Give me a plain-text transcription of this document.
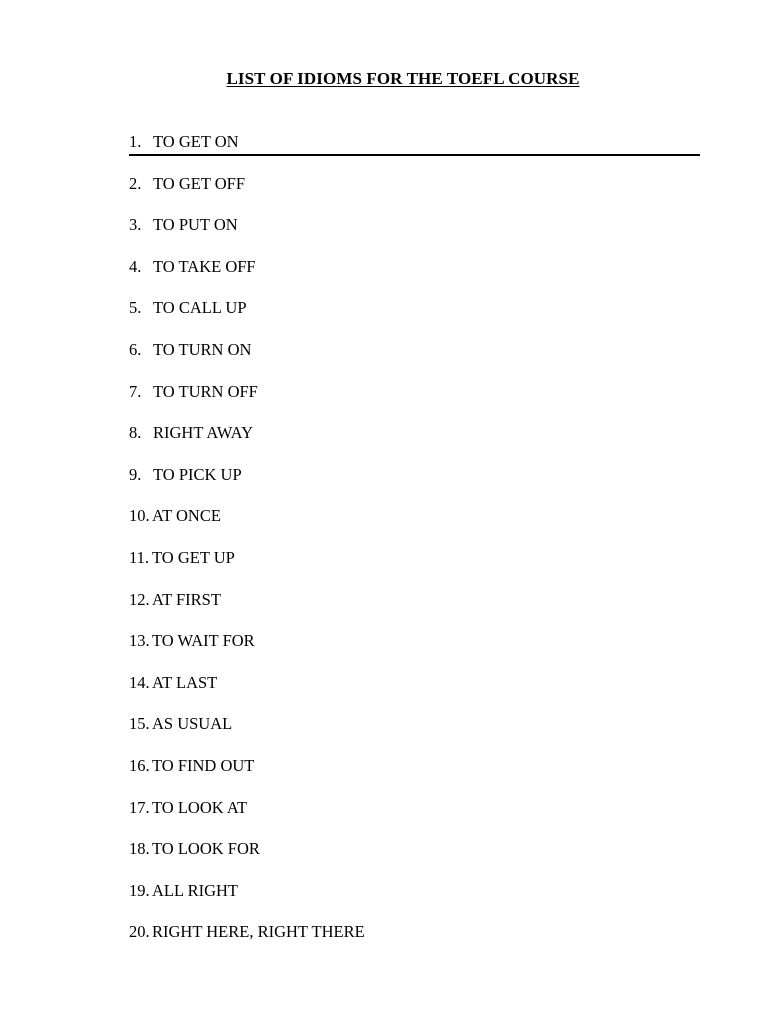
LIST OF IDIOMS FOR THE TOEFL COURSE
1. TO GET ON
2. TO GET OFF
3. TO PUT ON
4. TO TAKE OFF
5. TO CALL UP
6. TO TURN ON
7. TO TURN OFF
8. RIGHT AWAY
9. TO PICK UP
10. AT ONCE
11. TO GET UP
12. AT FIRST
13. TO WAIT FOR
14. AT LAST
15. AS USUAL
16. TO FIND OUT
17. TO LOOK AT
18. TO LOOK FOR
19. ALL RIGHT
20. RIGHT HERE, RIGHT THERE
